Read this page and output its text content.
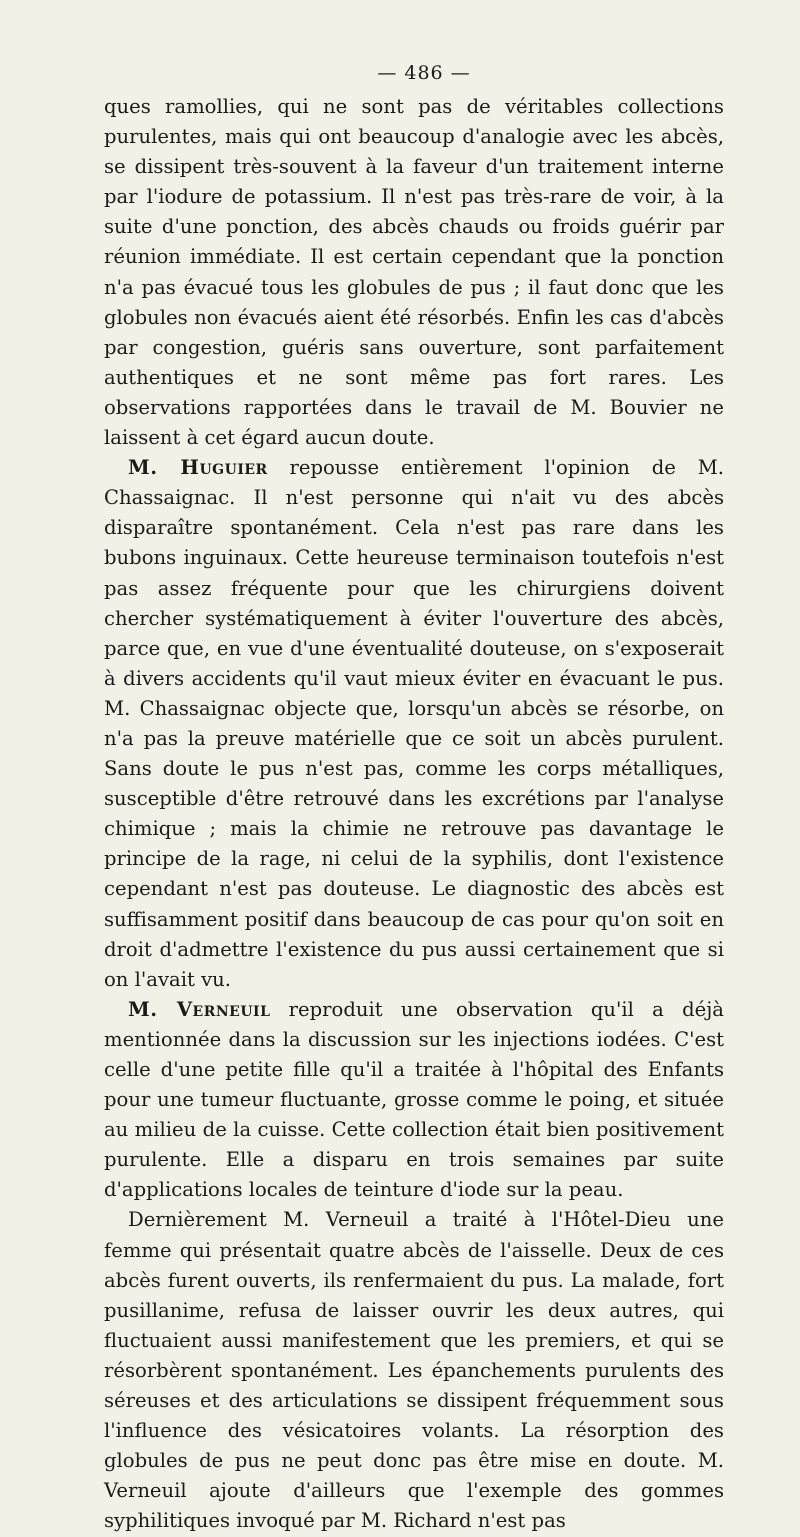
— 486 —

ques ramollies, qui ne sont pas de véritables collections purulentes, mais qui ont beaucoup d'analogie avec les abcès, se dissipent très-souvent à la faveur d'un traitement interne par l'iodure de potassium. Il n'est pas très-rare de voir, à la suite d'une ponction, des abcès chauds ou froids guérir par réunion immédiate. Il est certain cependant que la ponction n'a pas évacué tous les globules de pus ; il faut donc que les globules non évacués aient été résorbés. Enfin les cas d'abcès par congestion, guéris sans ouverture, sont parfaitement authentiques et ne sont même pas fort rares. Les observations rapportées dans le travail de M. Bouvier ne laissent à cet égard aucun doute.

M. Huguier repousse entièrement l'opinion de M. Chassaignac. Il n'est personne qui n'ait vu des abcès disparaître spontanément. Cela n'est pas rare dans les bubons inguinaux. Cette heureuse terminaison toutefois n'est pas assez fréquente pour que les chirurgiens doivent chercher systématiquement à éviter l'ouverture des abcès, parce que, en vue d'une éventualité douteuse, on s'exposerait à divers accidents qu'il vaut mieux éviter en évacuant le pus. M. Chassaignac objecte que, lorsqu'un abcès se résorbe, on n'a pas la preuve matérielle que ce soit un abcès purulent. Sans doute le pus n'est pas, comme les corps métalliques, susceptible d'être retrouvé dans les excrétions par l'analyse chimique ; mais la chimie ne retrouve pas davantage le principe de la rage, ni celui de la syphilis, dont l'existence cependant n'est pas douteuse. Le diagnostic des abcès est suffisamment positif dans beaucoup de cas pour qu'on soit en droit d'admettre l'existence du pus aussi certainement que si on l'avait vu.

M. Verneuil reproduit une observation qu'il a déjà mentionnée dans la discussion sur les injections iodées. C'est celle d'une petite fille qu'il a traitée à l'hôpital des Enfants pour une tumeur fluctuante, grosse comme le poing, et située au milieu de la cuisse. Cette collection était bien positivement purulente. Elle a disparu en trois semaines par suite d'applications locales de teinture d'iode sur la peau.

Dernièrement M. Verneuil a traité à l'Hôtel-Dieu une femme qui présentait quatre abcès de l'aisselle. Deux de ces abcès furent ouverts, ils renfermaient du pus. La malade, fort pusillanime, refusa de laisser ouvrir les deux autres, qui fluctuaient aussi manifestement que les premiers, et qui se résorbèrent spontanément. Les épanchements purulents des séreuses et des articulations se dissipent fréquemment sous l'influence des vésicatoires volants. La résorption des globules de pus ne peut donc pas être mise en doute. M. Verneuil ajoute d'ailleurs que l'exemple des gommes syphilitiques invoqué par M. Richard n'est pas
